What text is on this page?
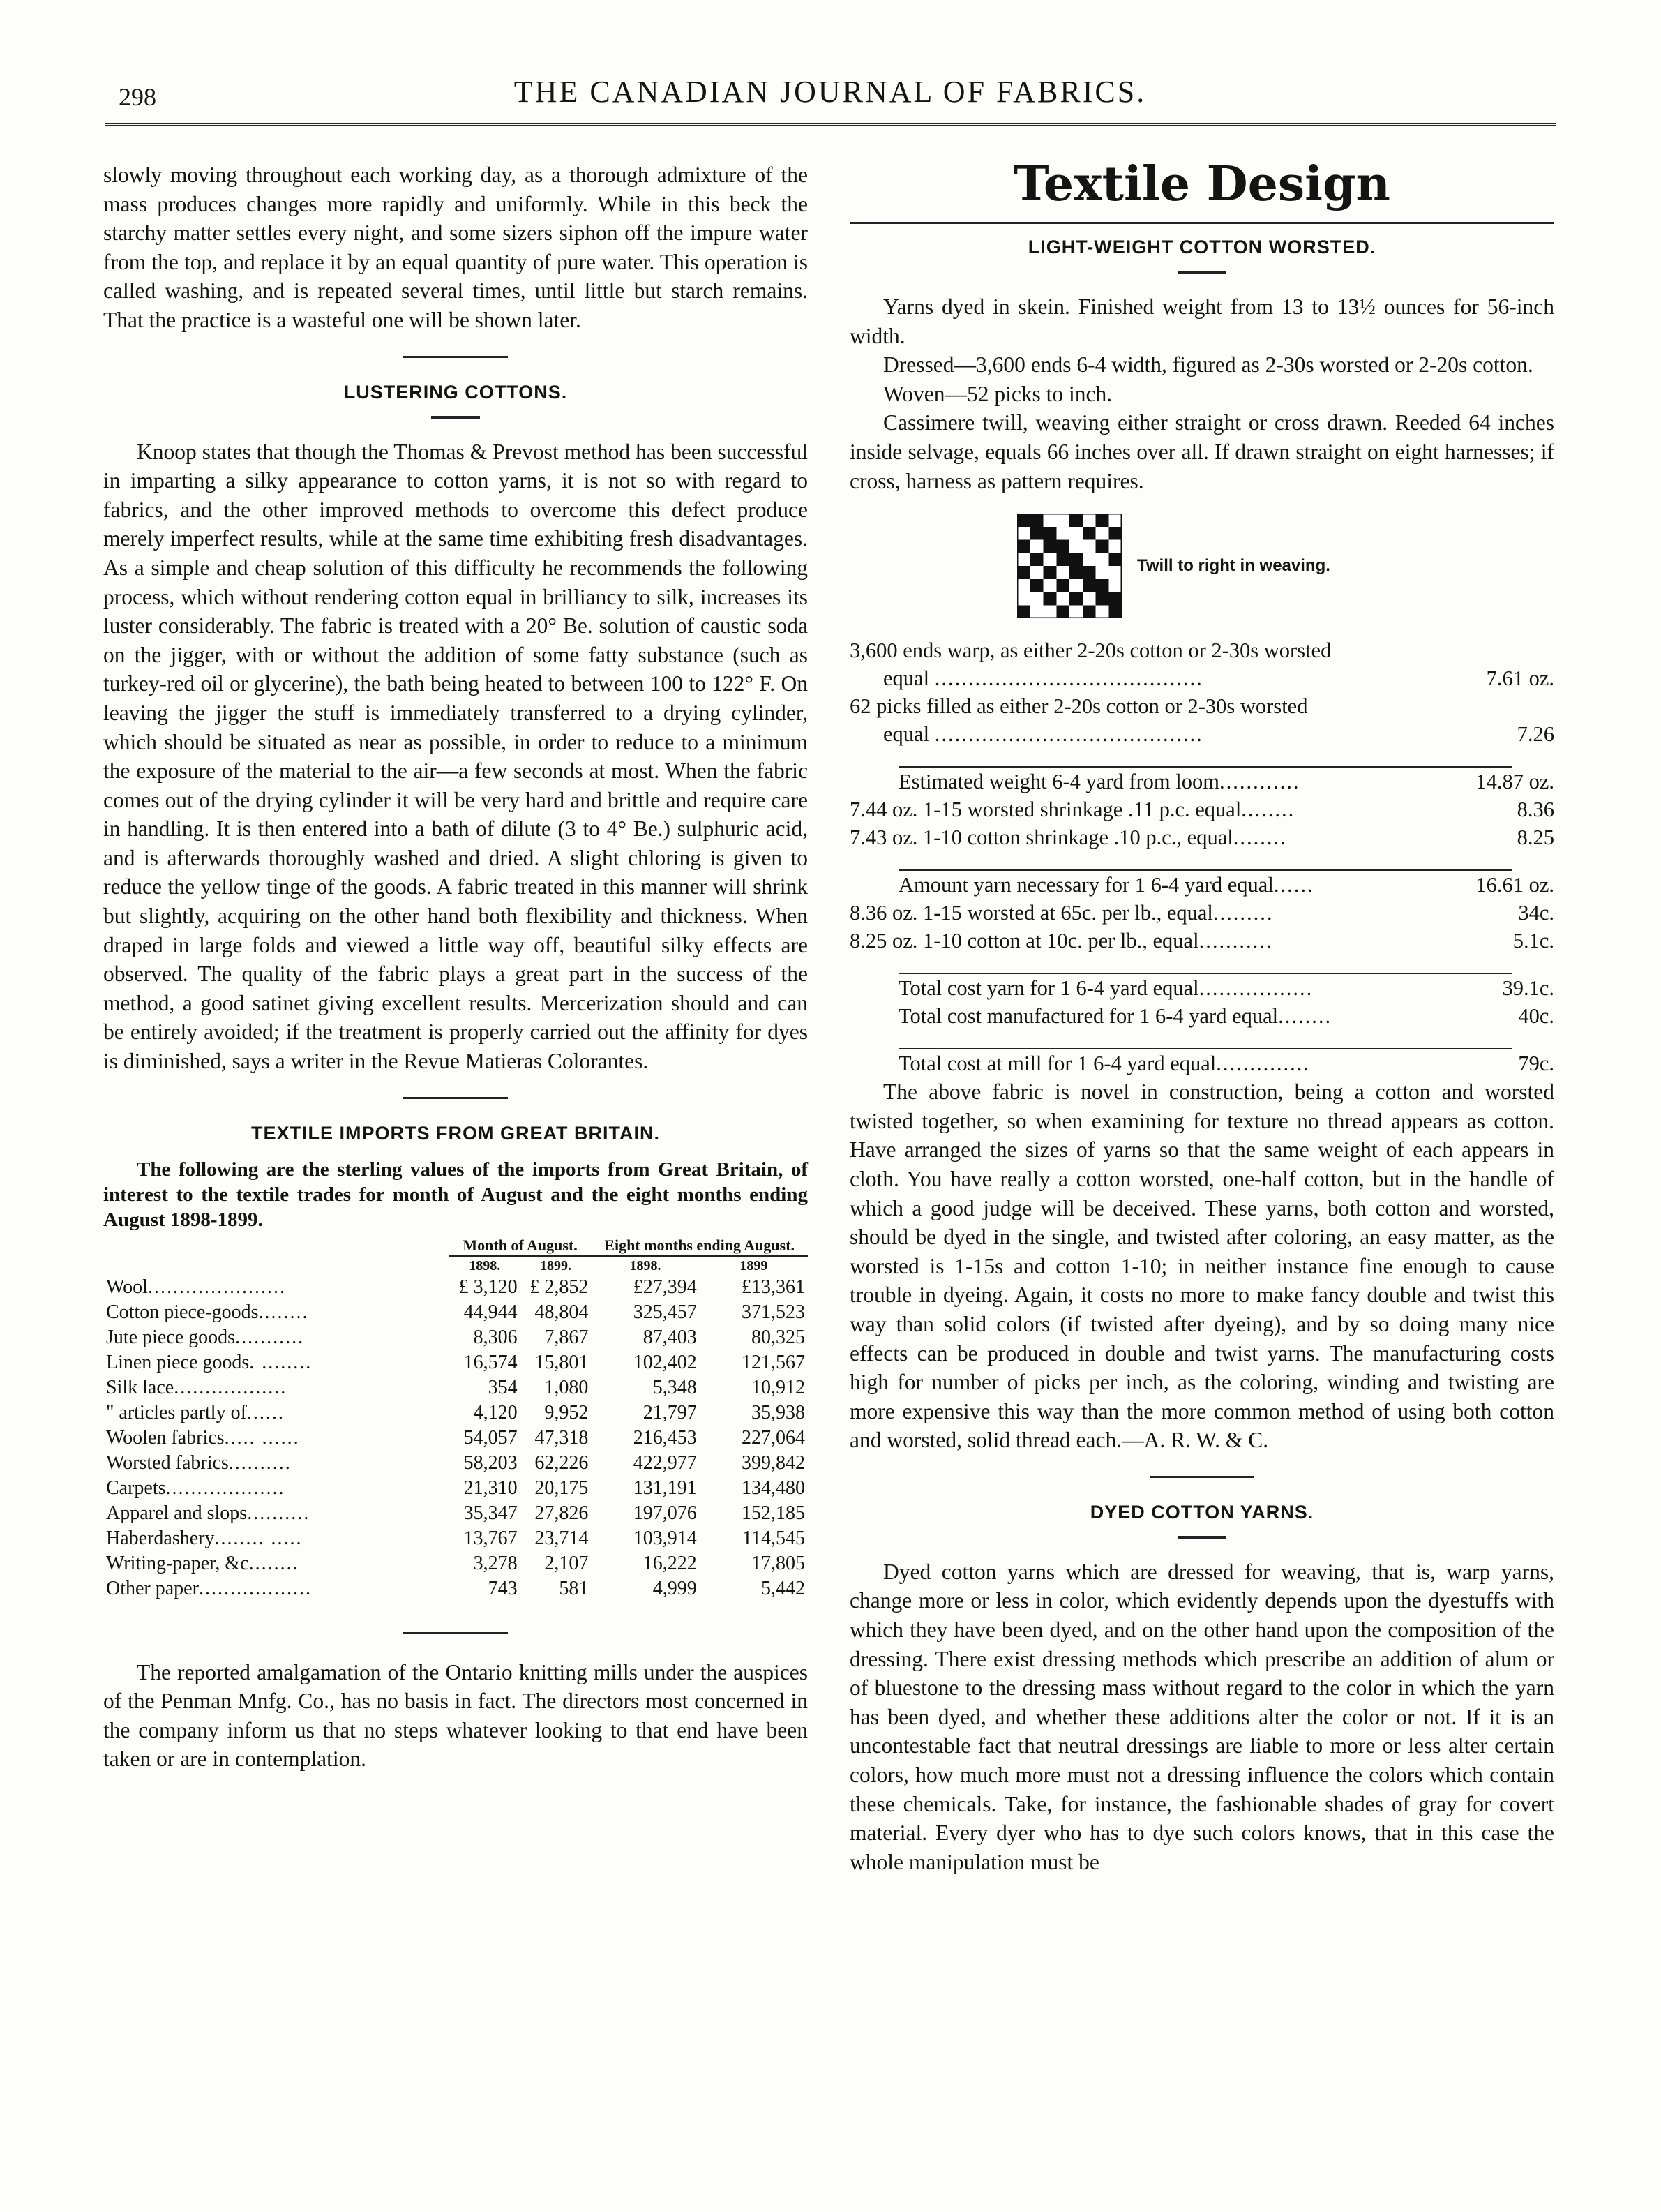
298	THE CANADIAN JOURNAL OF FABRICS.

slowly moving throughout each working day, as a thorough admixture of the mass produces changes more rapidly and uniformly. While in this beck the starchy matter settles every night, and some sizers siphon off the impure water from the top, and replace it by an equal quantity of pure water. This operation is called washing, and is repeated several times, until little but starch remains. That the practice is a wasteful one will be shown later.

LUSTERING COTTONS.

Knoop states that though the Thomas & Prevost method has been successful in imparting a silky appearance to cotton yarns, it is not so with regard to fabrics, and the other improved methods to overcome this defect produce merely imperfect results, while at the same time exhibiting fresh disadvantages. As a simple and cheap solution of this difficulty he recommends the following process, which without rendering cotton equal in brilliancy to silk, increases its luster considerably. The fabric is treated with a 20° Be. solution of caustic soda on the jigger, with or without the addition of some fatty substance (such as turkey-red oil or glycerine), the bath being heated to between 100 to 122° F. On leaving the jigger the stuff is immediately transferred to a drying cylinder, which should be situated as near as possible, in order to reduce to a minimum the exposure of the material to the air—a few seconds at most. When the fabric comes out of the drying cylinder it will be very hard and brittle and require care in handling. It is then entered into a bath of dilute (3 to 4° Be.) sulphuric acid, and is afterwards thoroughly washed and dried. A slight chloring is given to reduce the yellow tinge of the goods. A fabric treated in this manner will shrink but slightly, acquiring on the other hand both flexibility and thickness. When draped in large folds and viewed a little way off, beautiful silky effects are observed. The quality of the fabric plays a great part in the success of the method, a good satinet giving excellent results. Mercerization should and can be entirely avoided; if the treatment is properly carried out the affinity for dyes is diminished, says a writer in the Revue Matieras Colorantes.

TEXTILE IMPORTS FROM GREAT BRITAIN.

The following are the sterling values of the imports from Great Britain, of interest to the textile trades for month of August and the eight months ending August 1898-1899.

	Month of August.		Eight months ending August.	
	1898.	1899.	1898.	1899
Wool......................	£ 3,120	£ 2,852	£27,394	£13,361
Cotton piece-goods........	44,944	48,804	325,457	371,523
Jute piece goods...........	8,306	7,867	87,403	80,325
Linen piece goods. ........	16,574	15,801	102,402	121,567
Silk lace..................	354	1,080	5,348	10,912
" articles partly of......	4,120	9,952	21,797	35,938
Woolen fabrics..... ......	54,057	47,318	216,453	227,064
Worsted fabrics..........	58,203	62,226	422,977	399,842
Carpets...................	21,310	20,175	131,191	134,480
Apparel and slops..........	35,347	27,826	197,076	152,185
Haberdashery........ .....	13,767	23,714	103,914	114,545
Writing-paper, &c........	3,278	2,107	16,222	17,805
Other paper..................	743	581	4,999	5,442

The reported amalgamation of the Ontario knitting mills under the auspices of the Penman Mnfg. Co., has no basis in fact. The directors most concerned in the company inform us that no steps whatever looking to that end have been taken or are in contemplation.

Textile Design
LIGHT-WEIGHT COTTON WORSTED.

Yarns dyed in skein. Finished weight from 13 to 13½ ounces for 56-inch width.

Dressed—3,600 ends 6-4 width, figured as 2-30s worsted or 2-20s cotton.

Woven—52 picks to inch.

Cassimere twill, weaving either straight or cross drawn. Reeded 64 inches inside selvage, equals 66 inches over all. If drawn straight on eight harnesses; if cross, harness as pattern requires.

Twill to right in weaving.
3,600 ends warp, as either 2-20s cotton or 2-30s worsted
equal ........................................	7.61 oz.
62 picks filled as either 2-20s cotton or 2-30s worsted
equal ........................................	7.26
Estimated weight 6-4 yard from loom............	14.87 oz.
7.44 oz. 1-15 worsted shrinkage .11 p.c. equal........	8.36
7.43 oz. 1-10 cotton shrinkage .10 p.c., equal........	8.25
Amount yarn necessary for 1 6-4 yard equal......	16.61 oz.
8.36 oz. 1-15 worsted at 65c. per lb., equal.........	34c.
8.25 oz. 1-10 cotton at 10c. per lb., equal...........	5.1c.
Total cost yarn for 1 6-4 yard equal.................	39.1c.
Total cost manufactured for 1 6-4 yard equal........	40c.
Total cost at mill for 1 6-4 yard equal..............	79c.

The above fabric is novel in construction, being a cotton and worsted twisted together, so when examining for texture no thread appears as cotton. Have arranged the sizes of yarns so that the same weight of each appears in cloth. You have really a cotton worsted, one-half cotton, but in the handle of which a good judge will be deceived. These yarns, both cotton and worsted, should be dyed in the single, and twisted after coloring, an easy matter, as the worsted is 1-15s and cotton 1-10; in neither instance fine enough to cause trouble in dyeing. Again, it costs no more to make fancy double and twist this way than solid colors (if twisted after dyeing), and by so doing many nice effects can be produced in double and twist yarns. The manufacturing costs high for number of picks per inch, as the coloring, winding and twisting are more expensive this way than the more common method of using both cotton and worsted, solid thread each.—A. R. W. & C.

DYED COTTON YARNS.

Dyed cotton yarns which are dressed for weaving, that is, warp yarns, change more or less in color, which evidently depends upon the dyestuffs with which they have been dyed, and on the other hand upon the composition of the dressing. There exist dressing methods which prescribe an addition of alum or of bluestone to the dressing mass without regard to the color in which the yarn has been dyed, and whether these additions alter the color or not. If it is an uncontestable fact that neutral dressings are liable to more or less alter certain colors, how much more must not a dressing influence the colors which contain these chemicals. Take, for instance, the fashionable shades of gray for covert material. Every dyer who has to dye such colors knows, that in this case the whole manipulation must be
